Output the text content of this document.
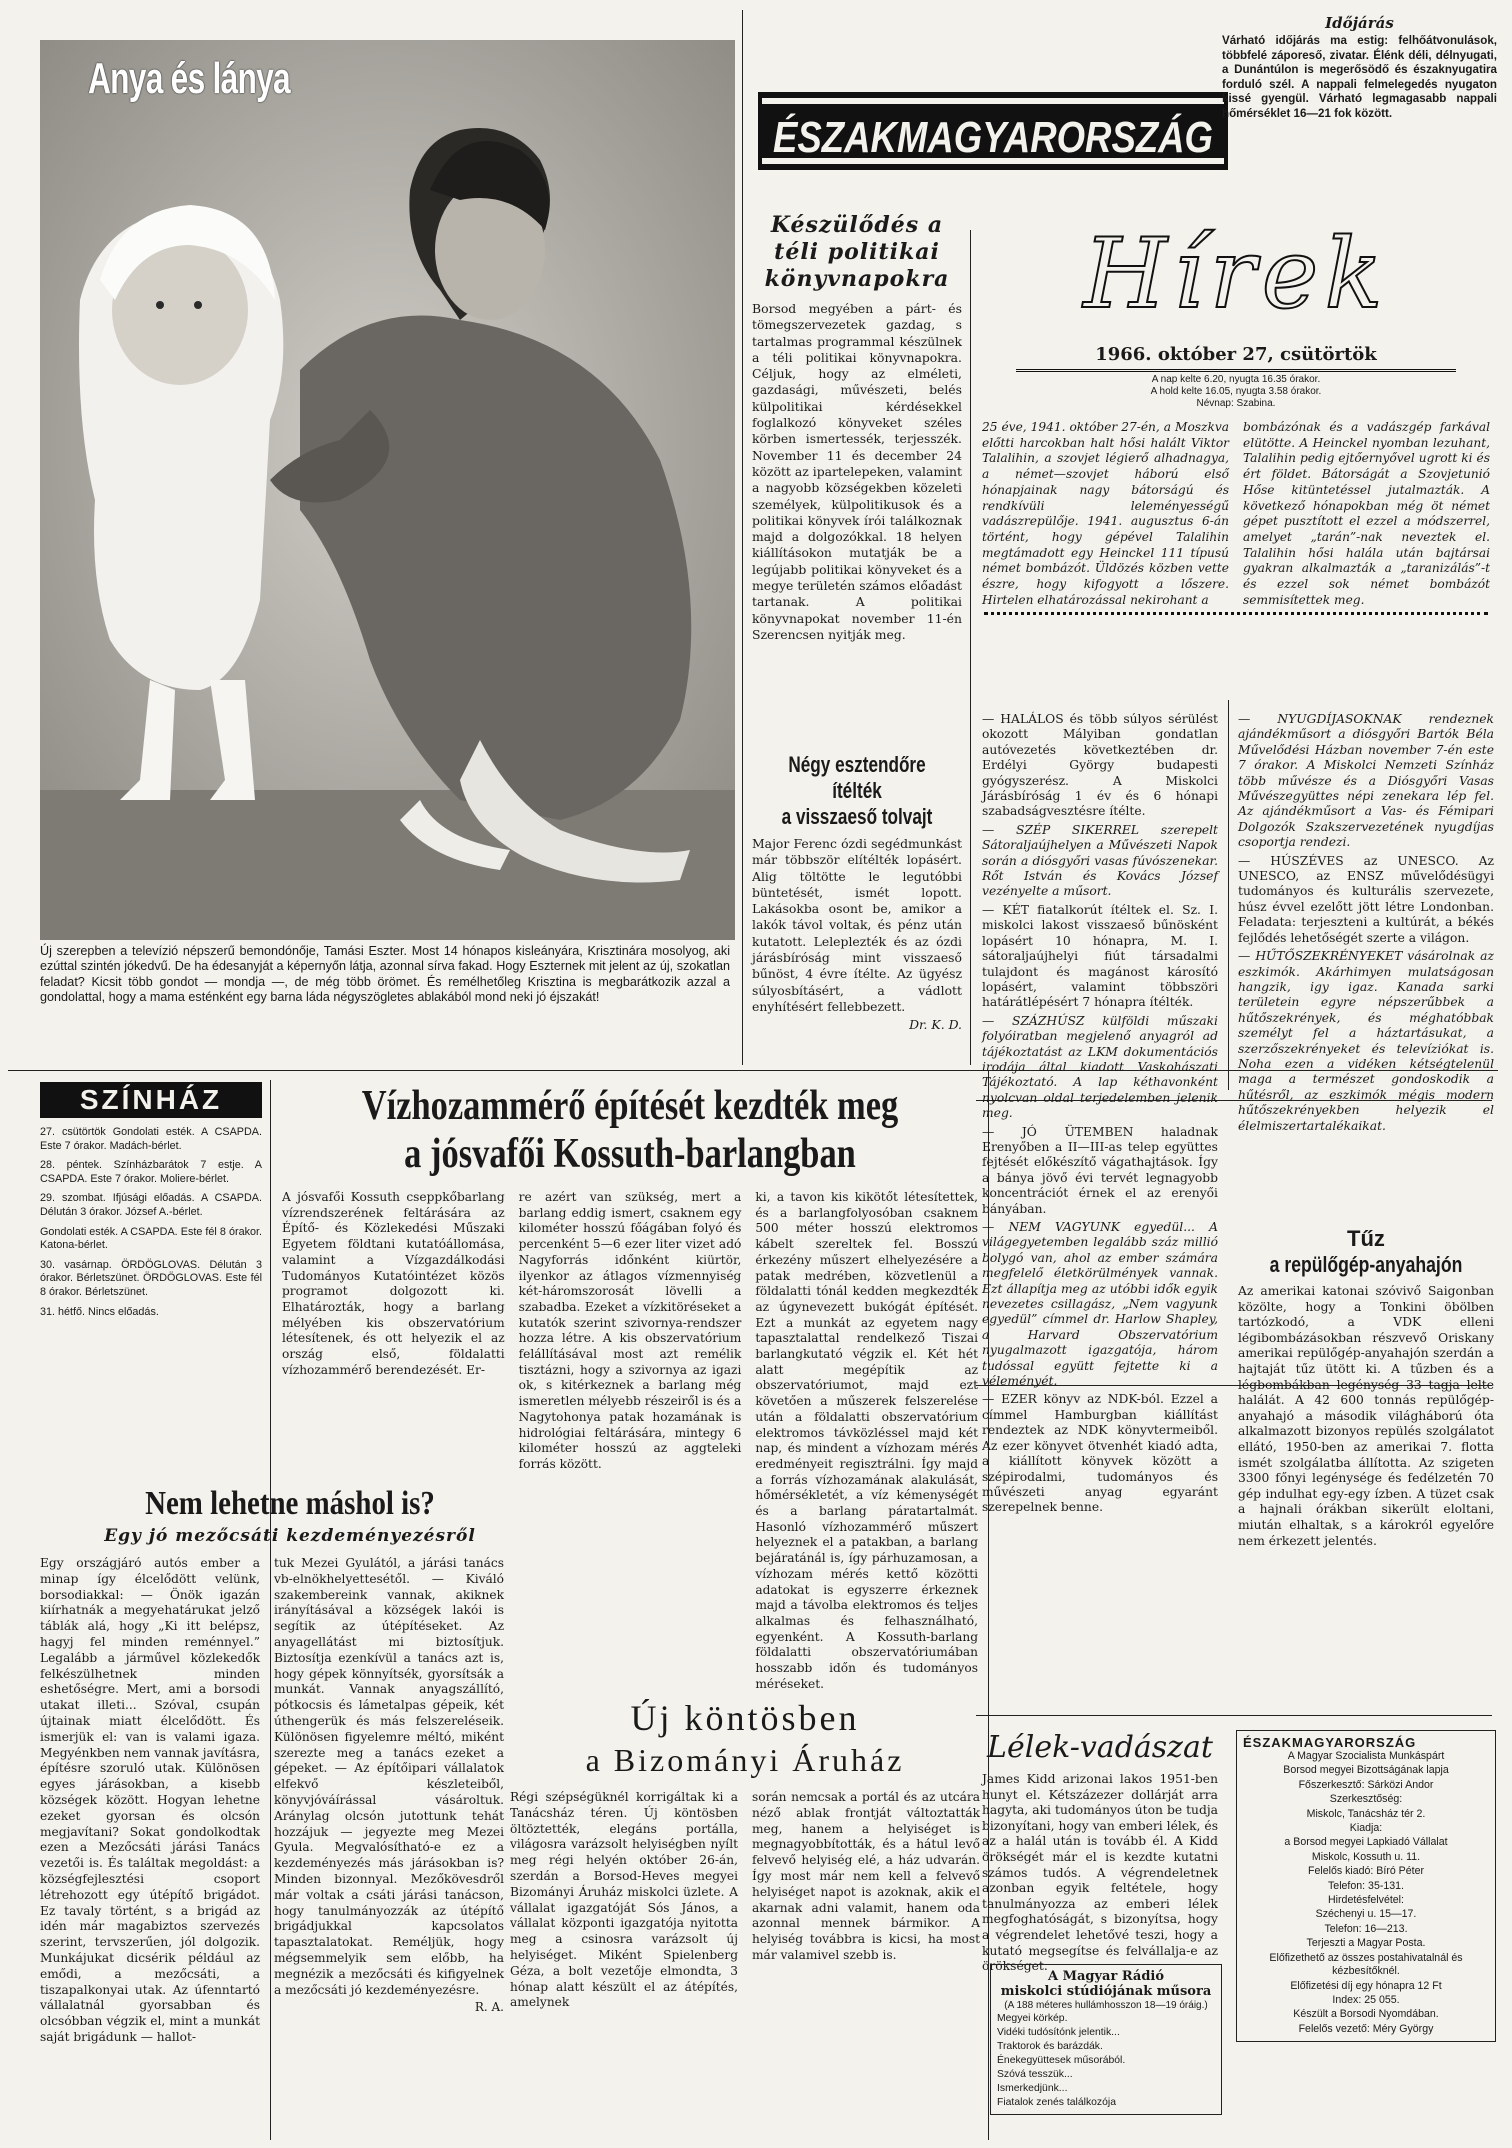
Anya és lánya
Új szerepben a televízió népszerű bemondónője, Tamási Eszter. Most 14 hónapos kisleányára, Krisztinára mosolyog, aki ezúttal szintén jókedvű. De ha édesanyját a képernyőn látja, azonnal sírva fakad. Hogy Eszternek mit jelent az új, szokatlan feladat? Kicsit több gondot — mondja —, de még több örömet. És remélhetőleg Krisztina is megbarátkozik azzal a gondolattal, hogy a mama esténként egy barna láda négyszögletes ablakából mond neki jó éjszakát!
ÉSZAKMAGYARORSZÁG
Időjárás
Várható időjárás ma estig: felhőátvonulások, többfelé záporeső, zivatar. Élénk déli, délnyugati, a Dunántúlon is megerősödő és északnyugatira forduló szél. A nappali felmelegedés nyugaton kissé gyengül. Várható legmagasabb nappali hőmérséklet 16—21 fok között.
Készülődés a téli politikai könyvnapokra
Borsod megyében a párt- és tömegszervezetek gazdag, s tartalmas programmal készülnek a téli politikai könyvnapokra. Céljuk, hogy az elméleti, gazdasági, művészeti, belés külpolitikai kérdésekkel foglalkozó könyveket széles körben ismertessék, terjesszék. November 11 és december 24 között az ipartelepeken, valamint a nagyobb községekben közeleti személyek, külpolitikusok és a politikai könyvek írói találkoznak majd a dolgozókkal. 18 helyen kiállításokon mutatják be a legújabb politikai könyveket és a megye területén számos előadást tartanak. A politikai könyvnapokat november 11-én Szerencsen nyitják meg.
Hírek
1966. október 27, csütörtök
A nap kelte 6.20, nyugta 16.35 órakor.
A hold kelte 16.05, nyugta 3.58 órakor.
Névnap: Szabina.
25 éve, 1941. október 27-én, a Moszkva előtti harcokban halt hősi halált Viktor Talalihin, a szovjet légierő alhadnagya, a német—szovjet háború első hónapjainak nagy bátorságú és rendkívüli leleményességű vadászrepülője. 1941. augusztus 6-án történt, hogy gépével Talalihin megtámadott egy Heinckel 111 típusú német bombázót. Üldözés közben vette észre, hogy kifogyott a lőszere. Hirtelen elhatározással nekirohant a
bombázónak és a vadászgép farkával elütötte. A Heinckel nyomban lezuhant, Talalihin pedig ejtőernyővel ugrott ki és ért földet. Bátorságát a Szovjetunió Hőse kitüntetéssel jutalmazták. A következő hónapokban még öt német gépet pusztított el ezzel a módszerrel, amelyet „tarán”-nak neveztek el. Talalihin hősi halála után bajtársai gyakran alkalmazták a „taranizálás”-t és ezzel sok német bombázót semmisítettek meg.
Négy esztendőre ítélték
a visszaeső tolvajt
Major Ferenc ózdi segédmunkást már többször elítélték lopásért. Alig töltötte le legutóbbi büntetését, ismét lopott. Lakásokba osont be, amikor a lakók távol voltak, és pénz után kutatott. Leleplezték és az ózdi járásbíróság mint visszaeső bűnöst, 4 évre ítélte. Az ügyész súlyosbításért, a vádlott enyhítésért fellebbezett.
Dr. K. D.

— HALÁLOS és több súlyos sérülést okozott Mályiban gondatlan autóvezetés következtében dr. Erdélyi György budapesti gyógyszerész. A Miskolci Járásbíróság 1 év és 6 hónapi szabadságvesztésre ítélte.

— SZÉP SIKERREL szerepelt Sátoraljaújhelyen a Művészeti Napok során a diósgyőri vasas fúvószenekar. Rőt István és Kovács József vezényelte a műsort.

— KÉT fiatalkorút ítéltek el. Sz. I. miskolci lakost visszaeső bűnösként lopásért 10 hónapra, M. I. sátoraljaújhelyi fiút társadalmi tulajdont és magánost károsító lopásért, valamint többszöri határátlépésért 7 hónapra ítélték.

— SZÁZHÚSZ külföldi műszaki folyóiratban megjelenő anyagról ad tájékoztatást az LKM dokumentációs irodája által kiadott Vaskohászati Tájékoztató. A lap kéthavonként nyolcvan oldal terjedelemben jelenik meg.

— JÓ ÜTEMBEN haladnak Erenyőben a II—III-as telep együttes fejtését előkészítő vágathajtások. Így a bánya jövő évi tervét legnagyobb koncentrációt érnek el az erenyői bányában.

— NEM VAGYUNK egyedül... A világegyetemben legalább száz millió bolygó van, ahol az ember számára megfelelő életkörülmények vannak. Ezt állapítja meg az utóbbi idők egyik nevezetes csillagász, „Nem vagyunk egyedül” címmel dr. Harlow Shapley, a Harvard Obszervatórium nyugalmazott igazgatója, három tudóssal együtt fejtette ki a véleményét.

— EZER könyv az NDK-ból. Ezzel a címmel Hamburgban kiállítást rendeztek az NDK könyvtermeiből. Az ezer könyvet ötvenhét kiadó adta, a kiállított könyvek között a szépirodalmi, tudományos és művészeti anyag egyaránt szerepelnek benne.

— NYUGDÍJASOKNAK rendeznek ajándékműsort a diósgyőri Bartók Béla Művelődési Házban november 7-én este 7 órakor. A Miskolci Nemzeti Színház több művésze és a Diósgyőri Vasas Művészegyüttes népi zenekara lép fel. Az ajándékműsort a Vas- és Fémipari Dolgozók Szakszervezetének nyugdíjas csoportja rendezi.

— HÚSZÉVES az UNESCO. Az UNESCO, az ENSZ művelődésügyi tudományos és kulturális szervezete, húsz évvel ezelőtt jött létre Londonban. Feladata: terjeszteni a kultúrát, a békés fejlődés lehetőségét szerte a világon.

— HŰTŐSZEKRÉNYEKET vásárolnak az eszkimók. Akárhimyen mulatságosan hangzik, igy igaz. Kanada sarki területein egyre népszerűbbek a hűtőszekrények, és méghatóbbak személyt fel a háztartásukat, a szerzőszekrényeket és televíziókat is. Noha ezen a vidéken kétségtelenül maga a természet gondoskodik a hűtésről, az eszkimók mégis modern hűtőszekrényekben helyezik el élelmiszertartalékaikat.

Tűz
a repülőgép-anyahajón
Az amerikai katonai szóvivő Saigonban közölte, hogy a Tonkini öbölben tartózkodó, a VDK elleni légibombázásokban részvevő Oriskany amerikai repülőgép-anyahajón szerdán a hajtaját tűz ütött ki. A tűzben és a légbombákban legénység 33 tagja lelte halálát. A 42 600 tonnás repülőgép-anyahajó a második világháború óta alkalmazott bizonyos repülés szolgálatot ellátó, 1950-ben az amerikai 7. flotta ismét szolgálatba állította. Az szigeten 3300 főnyi legénysége és fedélzetén 70 gép indulhat egy-egy ízben. A tüzet csak a hajnali órákban sikerült eloltani, miután elhaltak, s a károkról egyelőre nem érkezett jelentés.
Lélek-vadászat
James Kidd arizonai lakos 1951-ben hunyt el. Kétszázezer dollárját arra hagyta, aki tudományos úton be tudja bizonyítani, hogy van emberi lélek, és az a halál után is tovább él. A Kidd örökségét már el is kezdte kutatni számos tudós. A végrendeletnek azonban egyik feltétele, hogy tanulmányozza az emberi lélek megfoghatóságát, s bizonyítsa, hogy a végrendelet lehetővé teszi, hogy a kutató megsegítse és felvállalja-e az örökséget.
ÉSZAKMAGYARORSZÁG
A Magyar Szocialista Munkáspárt
Borsod megyei Bizottságának lapja
Főszerkesztő: Sárközi Andor
Szerkesztőség:
Miskolc, Tanácsház tér 2.
Kiadja:
a Borsod megyei Lapkiadó Vállalat
Miskolc, Kossuth u. 11.
Felelős kiadó: Bíró Péter
Telefon: 35-131.
Hirdetésfelvétel:
Széchenyi u. 15—17.
Telefon: 16—213.
Terjeszti a Magyar Posta.
Előfizethető az összes postahivatalnál és kézbesítőknél.
Előfizetési díj egy hónapra 12 Ft
Index: 25 055.
Készült a Borsodi Nyomdában.
Felelős vezető: Méry György
A Magyar Rádió
miskolci stúdiójának műsora
(A 188 méteres hullámhosszon 18—19 óráig.)
Megyei körkép.
Vidéki tudósítónk jelentik...
Traktorok és barázdák.
Énekegyüttesek műsorából.
Szóvá tesszük...
Ismerkedjünk...
Fiatalok zenés találkozója
SZÍNHÁZ
27. csütörtök Gondolati esték. A CSAPDA. Este 7 órakor. Madách-bérlet.
28. péntek. Színházbarátok 7 estje. A CSAPDA. Este 7 órakor. Moliere-bérlet.
29. szombat. Ifjúsági előadás. A CSAPDA. Délután 3 órakor. József A.-bérlet.
Gondolati esték. A CSAPDA. Este fél 8 órakor. Katona-bérlet.
30. vasárnap. ÖRDÖGLOVAS. Délután 3 órakor. Bérletszünet. ÖRDÖGLOVAS. Este fél 8 órakor. Bérletszünet.
31. hétfő. Nincs előadás.
Vízhozammérő építését kezdték meg
a jósvafői Kossuth-barlangban
A jósvafői Kossuth cseppkőbarlang vízrendszerének feltárására az Építő- és Közlekedési Műszaki Egyetem földtani kutatóállomása, valamint a Vízgazdálkodási Tudományos Kutatóintézet közös programot dolgozott ki. Elhatározták, hogy a barlang mélyében kis obszervatórium létesítenek, és ott helyezik el az ország első, földalatti vízhozammérő berendezését. Er-
re azért van szükség, mert a barlang eddig ismert, csaknem egy kilométer hosszú főágában folyó és percenként 5—6 ezer liter vizet adó Nagyforrás időnként kiürtör, ilyenkor az átlagos vízmennyiség két-háromszorosát lövelli a szabadba. Ezeket a vízkitöréseket a kutatók szerint szivornya-rendszer hozza létre. A kis obszervatórium felállításával most azt remélik tisztázni, hogy a szivornya az igazi ok, s kitérkeznek a barlang még ismeretlen mélyebb részeiről is és a Nagytohonya patak hozamának is hidrológiai feltárására, mintegy 6 kilométer hosszú az aggteleki forrás között.
ki, a tavon kis kikötőt létesítettek, és a barlangfolyosóban csaknem 500 méter hosszú elektromos kábelt szereltek fel. Bosszú érkezény műszert elhelyezésére a patak medrében, közvetlenül a földalatti tónál kedden megkezdték az úgynevezett bukógát építését. Ezt a munkát az egyetem nagy tapasztalattal rendelkező Tiszai barlangkutató végzik el. Két hét alatt megépítik az obszervatóriumot, majd ezt követően a műszerek felszerelése után a földalatti obszervatórium elektromos távközléssel majd két nap, és mindent a vízhozam mérés eredményeit regisztrálni. Így majd a forrás vízhozamának alakulását, hőmérsékletét, a víz kémenységét és a barlang páratartalmát. Hasonló vízhozammérő műszert helyeznek el a patakban, a barlang bejáratánál is, így párhuzamosan, a vízhozam mérés kettő közötti adatokat is egyszerre érkeznek majd a távolba elektromos és teljes alkalmas és felhasználható, egyenként. A Kossuth-barlang földalatti obszervatóriumában hosszabb időn és tudományos méréseket.
Nem lehetne máshol is?
Egy jó mezőcsáti kezdeményezésről
Egy országjáró autós ember a minap így élcelődött velünk, borsodiakkal: — Önök igazán kiírhatnák a megyehatárukat jelző táblák alá, hogy „Ki itt belépsz, hagyj fel minden reménnyel.” Legalább a járművel közlekedők felkészülhetnek minden eshetőségre. Mert, ami a borsodi utakat illeti... Szóval, csupán újtainak miatt élcelődött. És ismerjük el: van is valami igaza. Megyénkben nem vannak javításra, építésre szoruló utak. Különösen egyes járásokban, a kisebb községek között. Hogyan lehetne ezeket gyorsan és olcsón megjavítani? Sokat gondolkodtak ezen a Mezőcsáti járási Tanács vezetői is. És találtak megoldást: a községfejlesztési csoport létrehozott egy útépítő brigádot. Ez tavaly történt, s a brigád az idén már magabiztos szervezés szerint, tervszerűen, jól dolgozik. Munkájukat dicsérik például az emődi, a mezőcsáti, a tiszapalkonyai utak. Az úfenntartó vállalatnál gyorsabban és olcsóbban végzik el, mint a munkát saját brigádunk — hallot-
tuk Mezei Gyulától, a járási tanács vb-elnökhelyettesétől. — Kiváló szakembereink vannak, akiknek irányításával a községek lakói is segítik az útépítéseket. Az anyagellátást mi biztosítjuk. Biztosítja ezenkívül a tanács azt is, hogy gépek könnyítsék, gyorsítsák a munkát. Vannak anyagszállító, pótkocsis és lámetalpas gépeik, két úthengerük és más felszereléseik. Különösen figyelemre méltó, miként szerezte meg a tanács ezeket a gépeket. — Az építőipari vállalatok elfekvő készleteiből, könyvjóváírással vásároltuk. Aránylag olcsón jutottunk tehát hozzájuk — jegyezte meg Mezei Gyula. Megvalósítható-e ez a kezdeményezés más járásokban is? Minden bizonnyal. Mezőkövesdről már voltak a csáti járási tanácson, hogy tanulmányozzák az útépítő brigádjukkal kapcsolatos tapasztalatokat. Reméljük, hogy mégsemmelyik sem előbb, ha megnézik a mezőcsáti és kifigyelnek a mezőcsáti jó kezdeményezésre.
R. A.
Új köntösben
a Bizományi Áruház
Régi szépségüknél korrigáltak ki a Tanácsház téren. Új köntösben öltöztették, elegáns portálla, világosra varázsolt helyiségben nyílt meg régi helyén október 26-án, szerdán a Borsod-Heves megyei Bizományi Áruház miskolci üzlete. A vállalat igazgatóját Sós János, a vállalat központi igazgatója nyitotta meg a csinosra varázsolt új helyiséget. Miként Spielenberg Géza, a bolt vezetője elmondta, 3 hónap alatt készült el az átépítés, amelynek
során nemcsak a portál és az utcára néző ablak frontját változtatták meg, hanem a helyiséget is megnagyobbították, és a hátul levő felvevő helyiség elé, a ház udvarán. Így most már nem kell a felvevő helyiséget napot is azoknak, akik el akarnak adni valamit, hanem oda azonnal mennek bármikor. A helyiség továbbra is kicsi, ha most már valamivel szebb is.
